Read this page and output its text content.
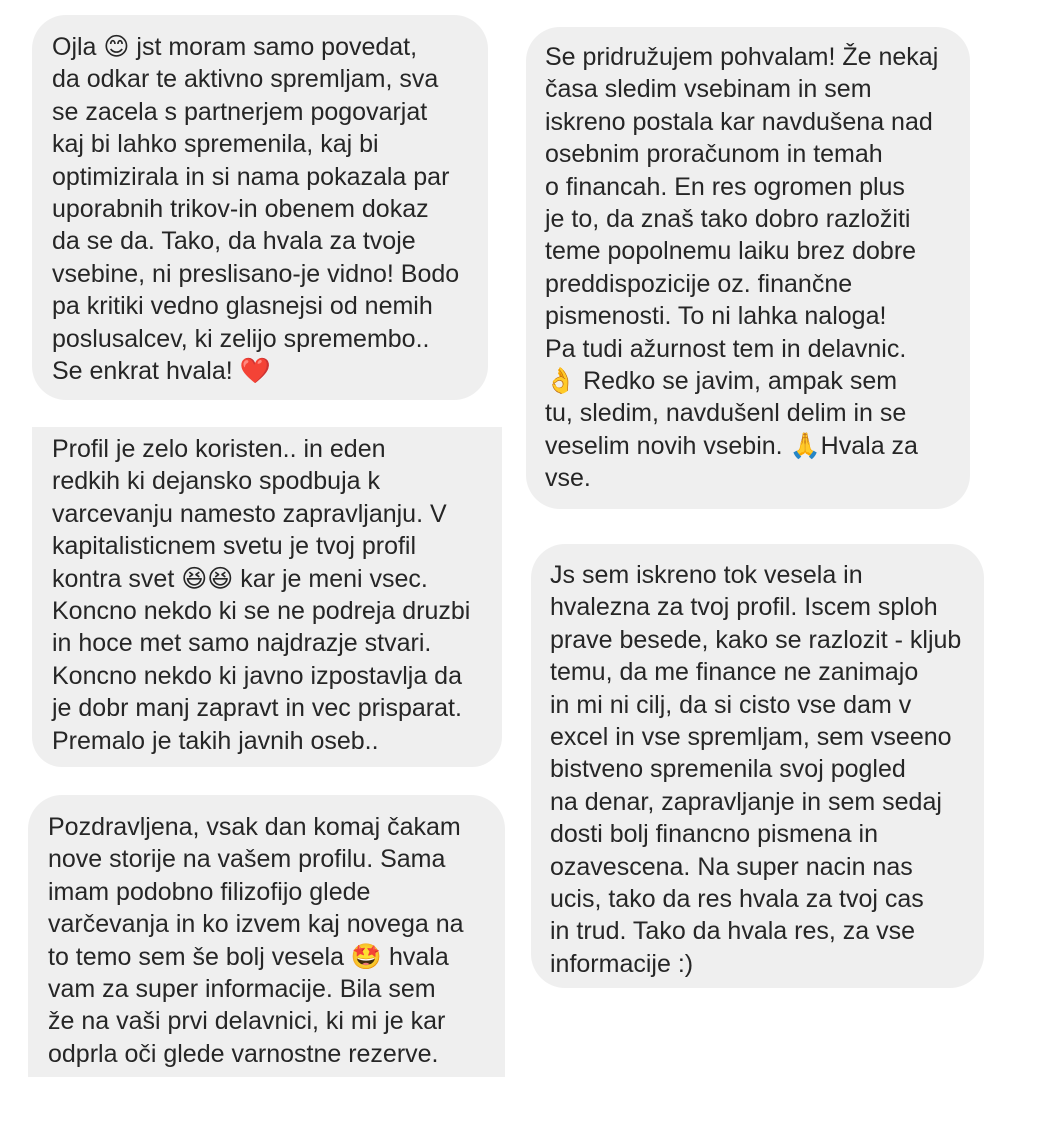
Ojla 😊 jst moram samo povedat,
da odkar te aktivno spremljam, sva
se zacela s partnerjem pogovarjat
kaj bi lahko spremenila, kaj bi
optimizirala in si nama pokazala par
uporabnih trikov-in obenem dokaz
da se da. Tako, da hvala za tvoje
vsebine, ni preslisano-je vidno! Bodo
pa kritiki vedno glasnejsi od nemih
poslusalcev, ki zelijo spremembo..
Se enkrat hvala! ❤️
Profil je zelo koristen.. in eden
redkih ki dejansko spodbuja k
varcevanju namesto zapravljanju. V
kapitalisticnem svetu je tvoj profil
kontra svet 😆😆 kar je meni vsec.
Koncno nekdo ki se ne podreja druzbi
in hoce met samo najdrazje stvari.
Koncno nekdo ki javno izpostavlja da
je dobr manj zapravt in vec prisparat.
Premalo je takih javnih oseb..
Pozdravljena, vsak dan komaj čakam
nove storije na vašem profilu. Sama
imam podobno filizofijo glede
varčevanja in ko izvem kaj novega na
to temo sem še bolj vesela 🤩 hvala
vam za super informacije. Bila sem
že na vaši prvi delavnici, ki mi je kar
odprla oči glede varnostne rezerve.
Se pridružujem pohvalam! Že nekaj
časa sledim vsebinam in sem
iskreno postala kar navdušena nad
osebnim proračunom in temah
o financah. En res ogromen plus
je to, da znaš tako dobro razložiti
teme popolnemu laiku brez dobre
preddispozicije oz. finančne
pismenosti. To ni lahka naloga!
Pa tudi ažurnost tem in delavnic.
👌 Redko se javim, ampak sem
tu, sledim, navdušenl delim in se
veselim novih vsebin. 🙏Hvala za
vse.
Js sem iskreno tok vesela in
hvalezna za tvoj profil. Iscem sploh
prave besede, kako se razlozit - kljub
temu, da me finance ne zanimajo
in mi ni cilj, da si cisto vse dam v
excel in vse spremljam, sem vseeno
bistveno spremenila svoj pogled
na denar, zapravljanje in sem sedaj
dosti bolj financno pismena in
ozavescena. Na super nacin nas
ucis, tako da res hvala za tvoj cas
in trud. Tako da hvala res, za vse
informacije :)
